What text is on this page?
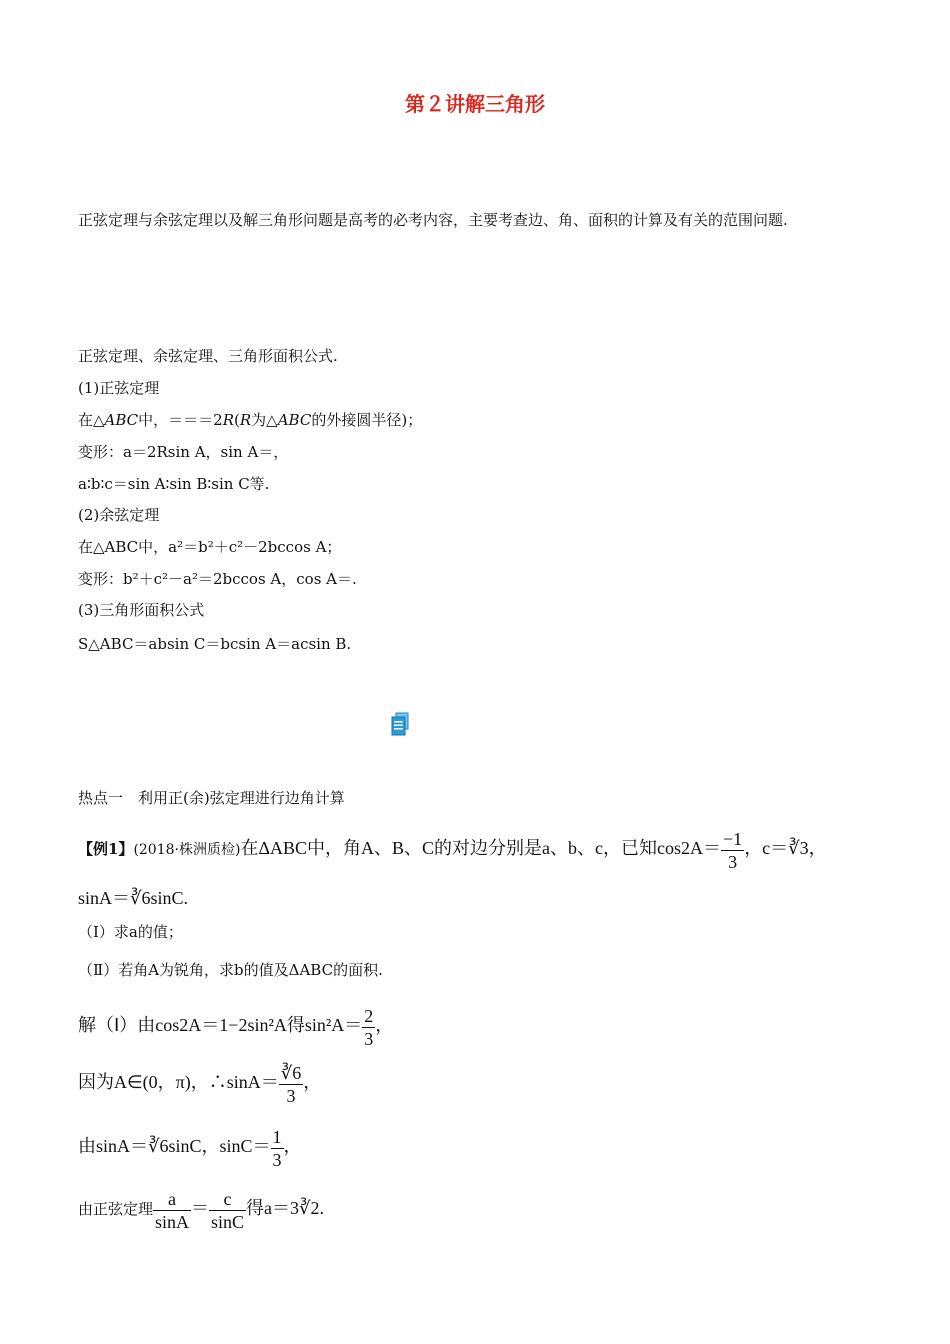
第２讲解三角形
正弦定理与余弦定理以及解三角形问题是高考的必考内容，主要考查边、角、面积的计算及有关的范围问题.
正弦定理、余弦定理、三角形面积公式.
(1)正弦定理
在△ABC中，＝＝＝2R(R为△ABC的外接圆半径)；
变形：a＝2Rsin A，sin A＝，
a∶b∶c＝sin A∶sin B∶sin C等.
(2)余弦定理
在△ABC中，a²＝b²＋c²－2bccos A；
变形：b²＋c²－a²＝2bccos A，cos A＝.
(3)三角形面积公式
S△ABC＝absin C＝bcsin A＝acsin B.
热点一　利用正(余)弦定理进行边角计算
【例1】(2018·株洲质检)在ΔABC中，角A、B、C的对边分别是a、b、c，已知$\cos 2A= \frac{-1}{3}$ ，c＝∛3，
sinA＝∛6sinC.
（Ⅰ）求a的值；
（Ⅱ）若角A为锐角，求b的值及ΔABC的面积.
解（Ⅰ）由cos2A＝1−2sin²A得$\sin^2A= \frac{2}{3}$ ，
因为A∈(0，π)，∴sinA＝ $\frac{∛6}{3}$ ，
由sinA＝∛6sinC，$\sin C= \frac{1}{3}$ ，
由正弦定理 $\frac{a}{\sin A} = \frac{c}{\sin C}$ 得a＝3∛2.
